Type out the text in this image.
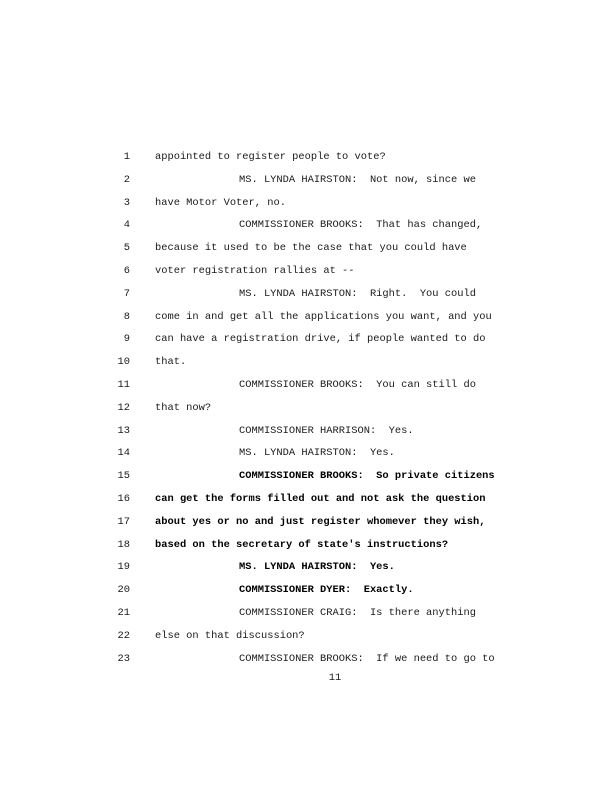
1 appointed to register people to vote?
2	MS. LYNDA HAIRSTON:  Not now, since we
3 have Motor Voter, no.
4	COMMISSIONER BROOKS:  That has changed,
5 because it used to be the case that you could have
6 voter registration rallies at --
7	MS. LYNDA HAIRSTON:  Right.  You could
8 come in and get all the applications you want, and you
9 can have a registration drive, if people wanted to do
10 that.
11	COMMISSIONER BROOKS:  You can still do
12 that now?
13	COMMISSIONER HARRISON:  Yes.
14	MS. LYNDA HAIRSTON:  Yes.
15	COMMISSIONER BROOKS:  So private citizens
16 can get the forms filled out and not ask the question
17 about yes or no and just register whomever they wish,
18 based on the secretary of state's instructions?
19	MS. LYNDA HAIRSTON:  Yes.
20	COMMISSIONER DYER:  Exactly.
21	COMMISSIONER CRAIG:  Is there anything
22 else on that discussion?
23	COMMISSIONER BROOKS:  If we need to go to
11
